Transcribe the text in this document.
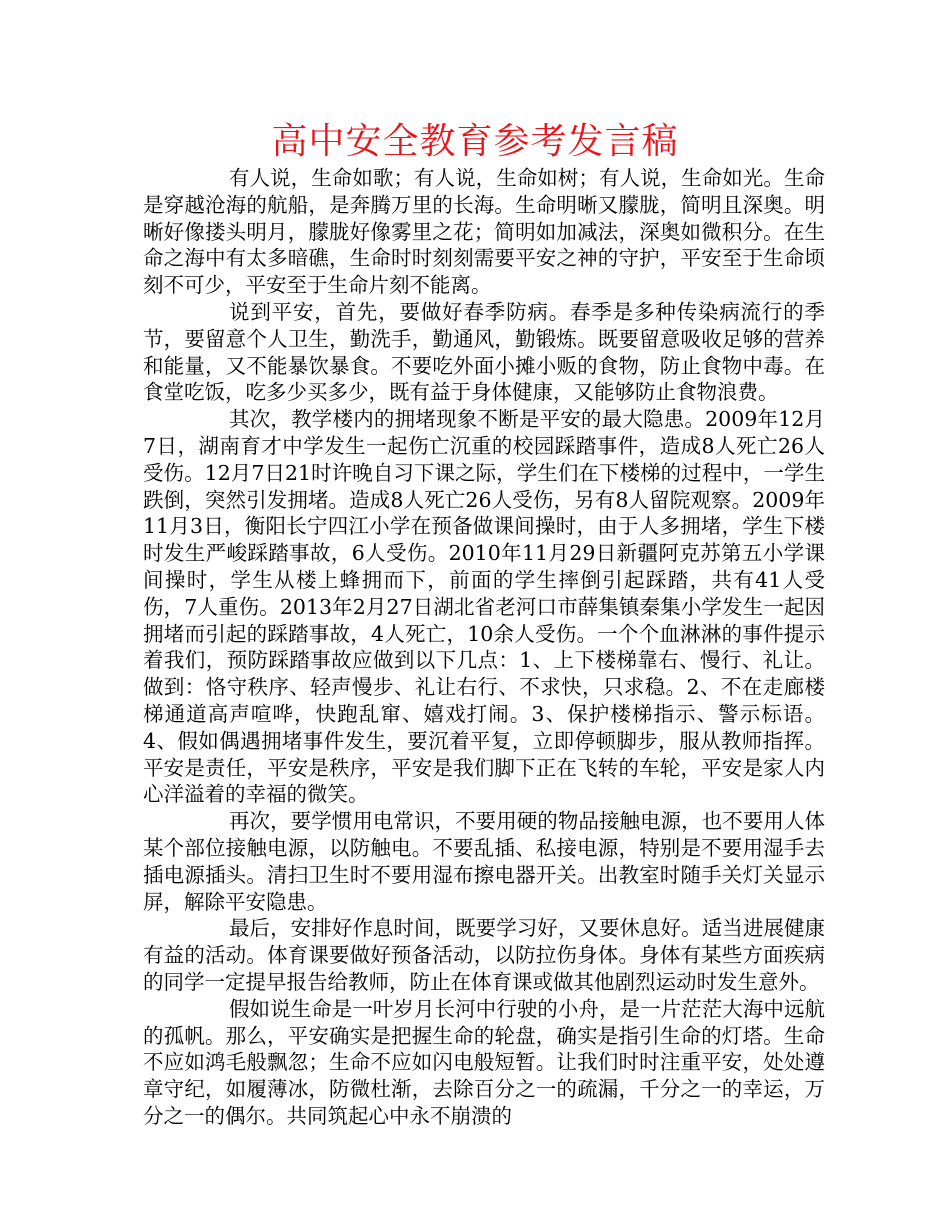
高中安全教育参考发言稿

有人说，生命如歌；有人说，生命如树；有人说，生命如光。生命是穿越沧海的航船，是奔腾万里的长海。生命明晰又朦胧，简明且深奥。明晰好像搂头明月，朦胧好像雾里之花；简明如加减法，深奥如微积分。在生命之海中有太多暗礁，生命时时刻刻需要平安之神的守护，平安至于生命顷刻不可少，平安至于生命片刻不能离。

说到平安，首先，要做好春季防病。春季是多种传染病流行的季节，要留意个人卫生，勤洗手，勤通风，勤锻炼。既要留意吸收足够的营养和能量，又不能暴饮暴食。不要吃外面小摊小贩的食物，防止食物中毒。在食堂吃饭，吃多少买多少，既有益于身体健康，又能够防止食物浪费。

其次，教学楼内的拥堵现象不断是平安的最大隐患。2009年12月7日，湖南育才中学发生一起伤亡沉重的校园踩踏事件，造成8人死亡26人受伤。12月7日21时许晚自习下课之际，学生们在下楼梯的过程中，一学生跌倒，突然引发拥堵。造成8人死亡26人受伤，另有8人留院观察。2009年11月3日，衡阳长宁四江小学在预备做课间操时，由于人多拥堵，学生下楼时发生严峻踩踏事故，6人受伤。2010年11月29日新疆阿克苏第五小学课间操时，学生从楼上蜂拥而下，前面的学生摔倒引起踩踏，共有41人受伤，7人重伤。2013年2月27日湖北省老河口市薛集镇秦集小学发生一起因拥堵而引起的踩踏事故，4人死亡，10余人受伤。一个个血淋淋的事件提示着我们，预防踩踏事故应做到以下几点：1、上下楼梯靠右、慢行、礼让。做到：恪守秩序、轻声慢步、礼让右行、不求快，只求稳。2、不在走廊楼梯通道高声喧哗，快跑乱窜、嬉戏打闹。3、保护楼梯指示、警示标语。4、假如偶遇拥堵事件发生，要沉着平复，立即停顿脚步，服从教师指挥。平安是责任，平安是秩序，平安是我们脚下正在飞转的车轮，平安是家人内心洋溢着的幸福的微笑。

再次，要学惯用电常识，不要用硬的物品接触电源，也不要用人体某个部位接触电源，以防触电。不要乱插、私接电源，特别是不要用湿手去插电源插头。清扫卫生时不要用湿布擦电器开关。出教室时随手关灯关显示屏，解除平安隐患。

最后，安排好作息时间，既要学习好，又要休息好。适当进展健康有益的活动。体育课要做好预备活动，以防拉伤身体。身体有某些方面疾病的同学一定提早报告给教师，防止在体育课或做其他剧烈运动时发生意外。

假如说生命是一叶岁月长河中行驶的小舟，是一片茫茫大海中远航的孤帆。那么，平安确实是把握生命的轮盘，确实是指引生命的灯塔。生命不应如鸿毛般飘忽；生命不应如闪电般短暂。让我们时时注重平安，处处遵章守纪，如履薄冰，防微杜渐，去除百分之一的疏漏，千分之一的幸运，万分之一的偶尔。共同筑起心中永不崩溃的
